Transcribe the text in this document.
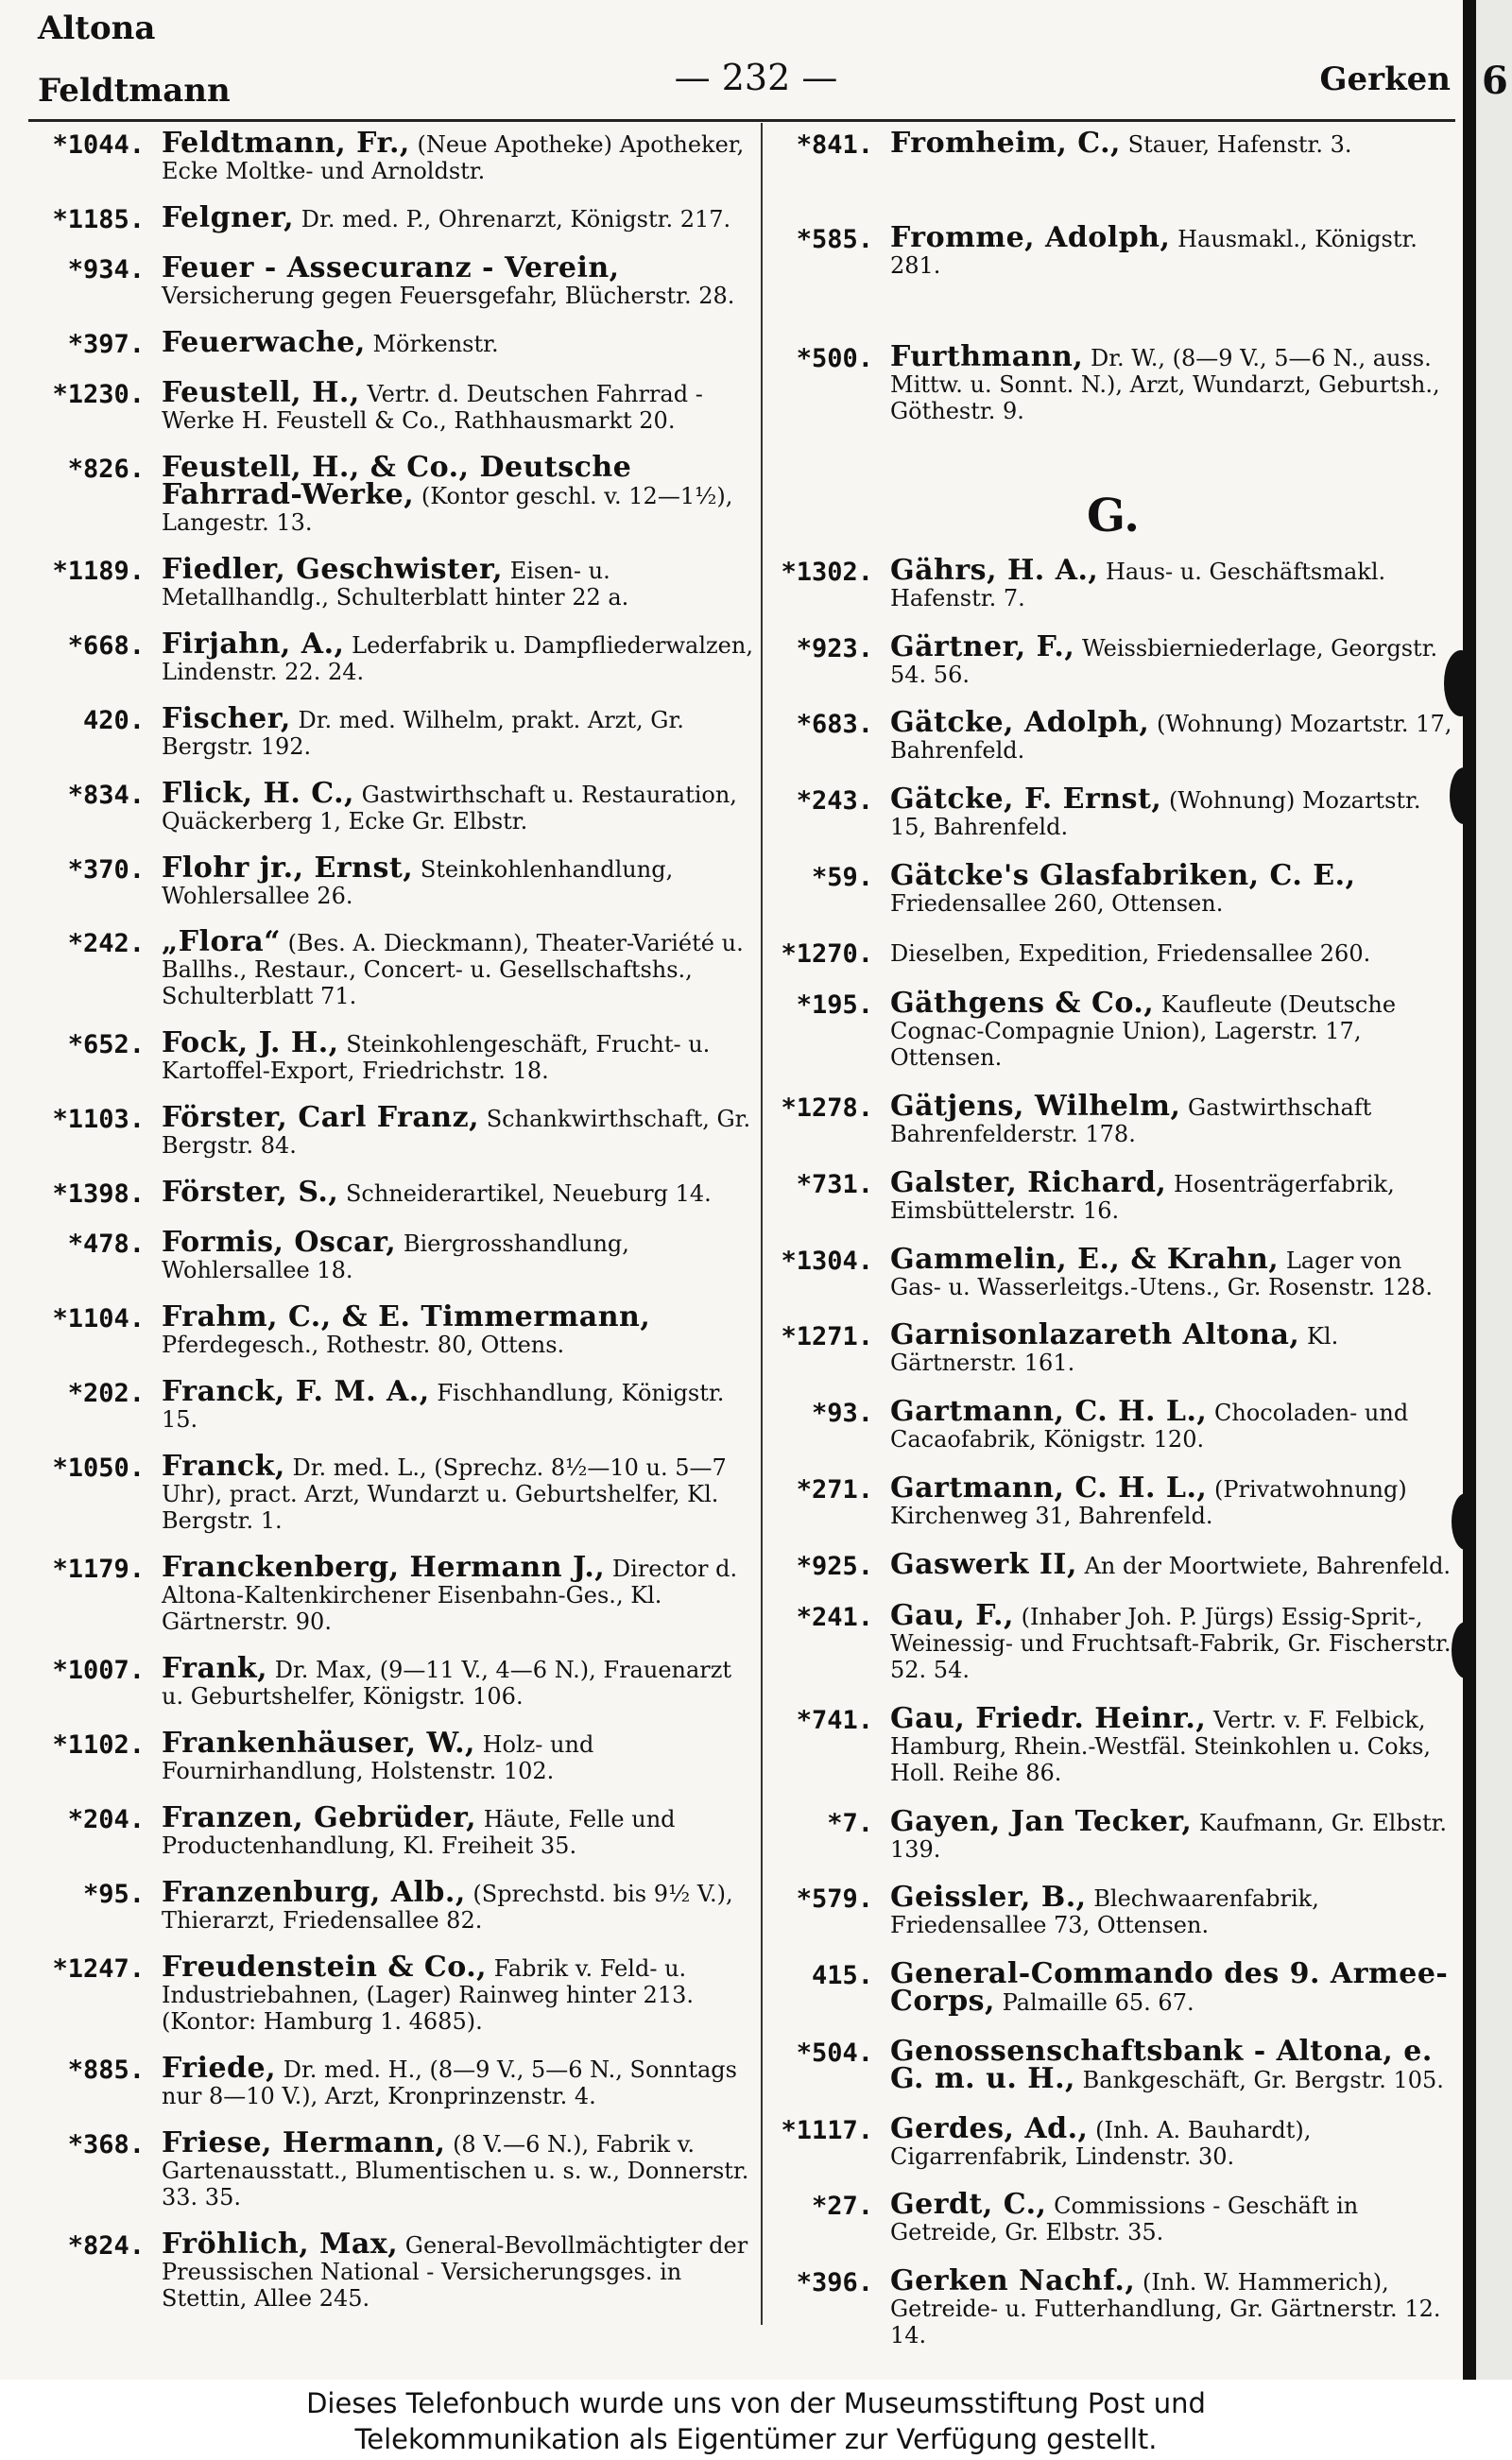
Altona
Feldtmann	— 232 —	Gerken
*1044. Feldtmann, Fr., (Neue Apotheke) Apotheker, Ecke Moltke- und Arnoldstr.
*1185. Felgner, Dr. med. P., Ohrenarzt, Königstr. 217.
*934. Feuer - Assecuranz - Verein, Versicherung gegen Feuersgefahr, Blücherstr. 28.
*397. Feuerwache, Mörkenstr.
*1230. Feustell, H., Vertr. d. Deutschen Fahrrad - Werke H. Feustell & Co., Rathhausmarkt 20.
*826. Feustell, H., & Co., Deutsche Fahrrad-Werke, (Kontor geschl. v. 12—1½), Langestr. 13.
*1189. Fiedler, Geschwister, Eisen- u. Metallhandlg., Schulterblatt hinter 22 a.
*668. Firjahn, A., Lederfabrik u. Dampfliederwalzen, Lindenstr. 22. 24.
420. Fischer, Dr. med. Wilhelm, prakt. Arzt, Gr. Bergstr. 192.
*834. Flick, H. C., Gastwirthschaft u. Restauration, Quäckerberg 1, Ecke Gr. Elbstr.
*370. Flohr jr., Ernst, Steinkohlenhandlung, Wohlersallee 26.
*242. „Flora“ (Bes. A. Dieckmann), Theater-Variété u. Ballhs., Restaur., Concert- u. Gesellschaftshs., Schulterblatt 71.
*652. Fock, J. H., Steinkohlengeschäft, Frucht- u. Kartoffel-Export, Friedrichstr. 18.
*1103. Förster, Carl Franz, Schankwirthschaft, Gr. Bergstr. 84.
*1398. Förster, S., Schneiderartikel, Neueburg 14.
*478. Formis, Oscar, Biergrosshandlung, Wohlersallee 18.
*1104. Frahm, C., & E. Timmermann, Pferdegesch., Rothestr. 80, Ottens.
*202. Franck, F. M. A., Fischhandlung, Königstr. 15.
*1050. Franck, Dr. med. L., (Sprechz. 8½—10 u. 5—7 Uhr), pract. Arzt, Wundarzt u. Geburtshelfer, Kl. Bergstr. 1.
*1179. Franckenberg, Hermann J., Director d. Altona-Kaltenkirchener Eisenbahn-Ges., Kl. Gärtnerstr. 90.
*1007. Frank, Dr. Max, (9—11 V., 4—6 N.), Frauenarzt u. Geburtshelfer, Königstr. 106.
*1102. Frankenhäuser, W., Holz- und Fournirhandlung, Holstenstr. 102.
*204. Franzen, Gebrüder, Häute, Felle und Productenhandlung, Kl. Freiheit 35.
*95. Franzenburg, Alb., (Sprechstd. bis 9½ V.), Thierarzt, Friedensallee 82.
*1247. Freudenstein & Co., Fabrik v. Feld- u. Industriebahnen, (Lager) Rainweg hinter 213. (Kontor: Hamburg 1. 4685).
*885. Friede, Dr. med. H., (8—9 V., 5—6 N., Sonntags nur 8—10 V.), Arzt, Kronprinzenstr. 4.
*368. Friese, Hermann, (8 V.—6 N.), Fabrik v. Gartenausstatt., Blumentischen u. s. w., Donnerstr. 33. 35.
*824. Fröhlich, Max, General-Bevollmächtigter der Preussischen National - Versicherungsges. in Stettin, Allee 245.
*841. Fromheim, C., Stauer, Hafenstr. 3.
*585. Fromme, Adolph, Hausmakl., Königstr. 281.
*500. Furthmann, Dr. W., (8—9 V., 5—6 N., auss. Mittw. u. Sonnt. N.), Arzt, Wundarzt, Geburtsh., Göthestr. 9.
G.
*1302. Gährs, H. A., Haus- u. Geschäftsmakl. Hafenstr. 7.
*923. Gärtner, F., Weissbierniederlage, Georgstr. 54. 56.
*683. Gätcke, Adolph, (Wohnung) Mozartstr. 17, Bahrenfeld.
*243. Gätcke, F. Ernst, (Wohnung) Mozartstr. 15, Bahrenfeld.
*59. Gätcke's Glasfabriken, C. E., Friedensallee 260, Ottensen.
*1270. Dieselben, Expedition, Friedensallee 260.
*195. Gäthgens & Co., Kaufleute (Deutsche Cognac-Compagnie Union), Lagerstr. 17, Ottensen.
*1278. Gätjens, Wilhelm, Gastwirthschaft Bahrenfelderstr. 178.
*731. Galster, Richard, Hosenträgerfabrik, Eimsbüttelerstr. 16.
*1304. Gammelin, E., & Krahn, Lager von Gas- u. Wasserleitgs.-Utens., Gr. Rosenstr. 128.
*1271. Garnisonlazareth Altona, Kl. Gärtnerstr. 161.
*93. Gartmann, C. H. L., Chocoladen- und Cacaofabrik, Königstr. 120.
*271. Gartmann, C. H. L., (Privatwohnung) Kirchenweg 31, Bahrenfeld.
*925. Gaswerk II, An der Moortwiete, Bahrenfeld.
*241. Gau, F., (Inhaber Joh. P. Jürgs) Essig-Sprit-, Weinessig- und Fruchtsaft-Fabrik, Gr. Fischerstr. 52. 54.
*741. Gau, Friedr. Heinr., Vertr. v. F. Felbick, Hamburg, Rhein.-Westfäl. Steinkohlen u. Coks, Holl. Reihe 86.
*7. Gayen, Jan Tecker, Kaufmann, Gr. Elbstr. 139.
*579. Geissler, B., Blechwaarenfabrik, Friedensallee 73, Ottensen.
415. General-Commando des 9. Armee-Corps, Palmaille 65. 67.
*504. Genossenschaftsbank - Altona, e. G. m. u. H., Bankgeschäft, Gr. Bergstr. 105.
*1117. Gerdes, Ad., (Inh. A. Bauhardt), Cigarrenfabrik, Lindenstr. 30.
*27. Gerdt, C., Commissions - Geschäft in Getreide, Gr. Elbstr. 35.
*396. Gerken Nachf., (Inh. W. Hammerich), Getreide- u. Futterhandlung, Gr. Gärtnerstr. 12. 14.
6
Dieses Telefonbuch wurde uns von der Museumsstiftung Post und
Telekommunikation als Eigentümer zur Verfügung gestellt.
